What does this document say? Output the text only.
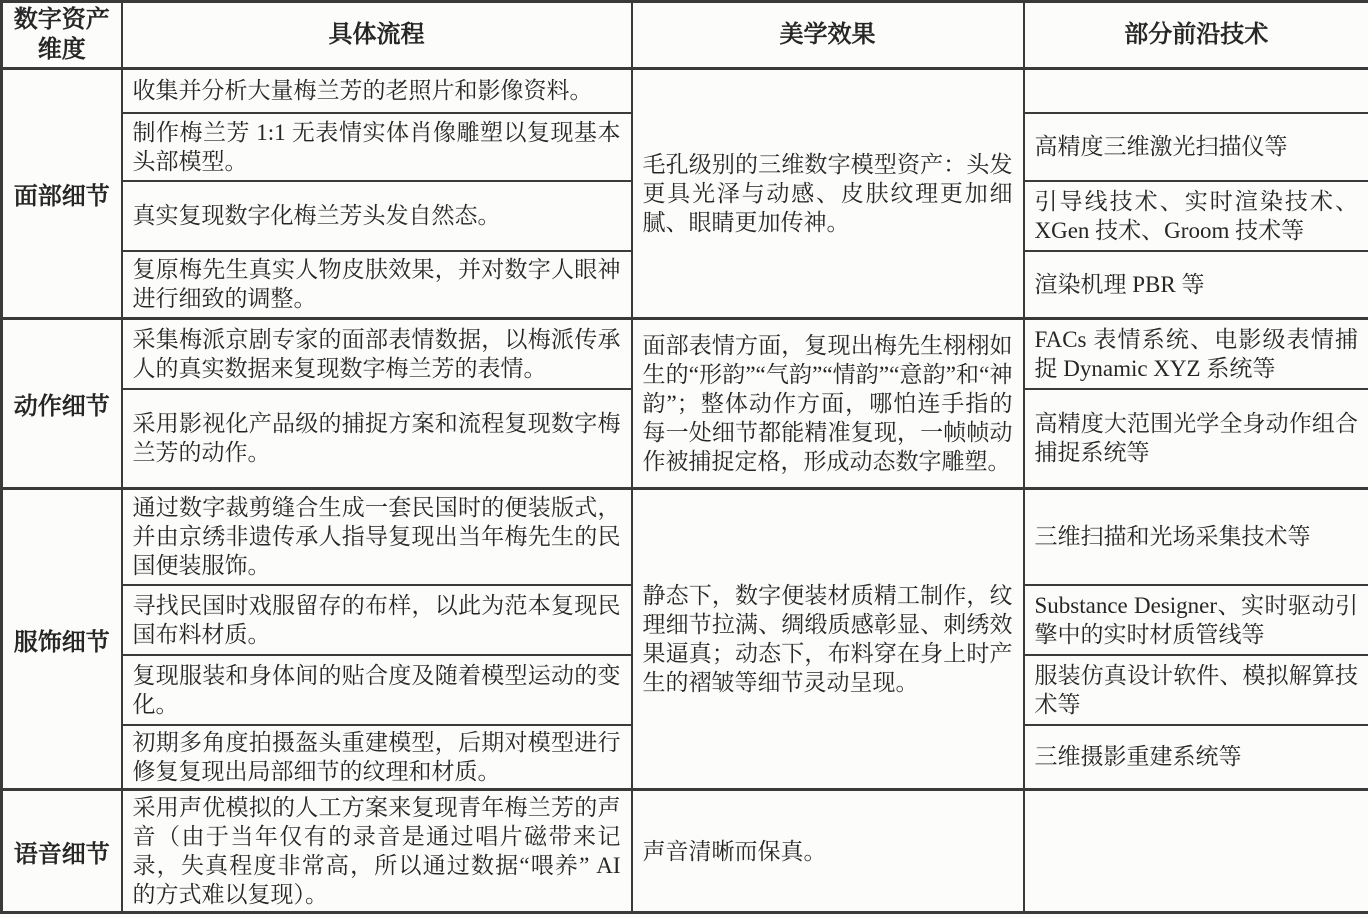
数字资产维度	具体流程	美学效果	部分前沿技术
面部细节	收集并分析大量梅兰芳的老照片和影像资料。	毛孔级别的三维数字模型资产：头发更具光泽与动感、皮肤纹理更加细腻、眼睛更加传神。	
	制作梅兰芳 1:1 无表情实体肖像雕塑以复现基本头部模型。		高精度三维激光扫描仪等
	真实复现数字化梅兰芳头发自然态。		引导线技术、实时渲染技术、XGen 技术、Groom 技术等
	复原梅先生真实人物皮肤效果，并对数字人眼神进行细致的调整。		渲染机理 PBR 等
动作细节	采集梅派京剧专家的面部表情数据，以梅派传承人的真实数据来复现数字梅兰芳的表情。	面部表情方面，复现出梅先生栩栩如生的“形韵”“气韵”“情韵”“意韵”和“神韵”；整体动作方面，哪怕连手指的每一处细节都能精准复现，一帧帧动作被捕捉定格，形成动态数字雕塑。	FACs 表情系统、电影级表情捕捉 Dynamic XYZ 系统等
	采用影视化产品级的捕捉方案和流程复现数字梅兰芳的动作。		高精度大范围光学全身动作组合捕捉系统等
服饰细节	通过数字裁剪缝合生成一套民国时的便装版式，并由京绣非遗传承人指导复现出当年梅先生的民国便装服饰。	静态下，数字便装材质精工制作，纹理细节拉满、绸缎质感彰显、刺绣效果逼真；动态下，布料穿在身上时产生的褶皱等细节灵动呈现。	三维扫描和光场采集技术等
	寻找民国时戏服留存的布样，以此为范本复现民国布料材质。		Substance Designer、实时驱动引擎中的实时材质管线等
	复现服装和身体间的贴合度及随着模型运动的变化。		服装仿真设计软件、模拟解算技术等
	初期多角度拍摄盔头重建模型，后期对模型进行修复复现出局部细节的纹理和材质。		三维摄影重建系统等
语音细节	采用声优模拟的人工方案来复现青年梅兰芳的声音（由于当年仅有的录音是通过唱片磁带来记录，失真程度非常高，所以通过数据“喂养” AI 的方式难以复现）。	声音清晰而保真。	
